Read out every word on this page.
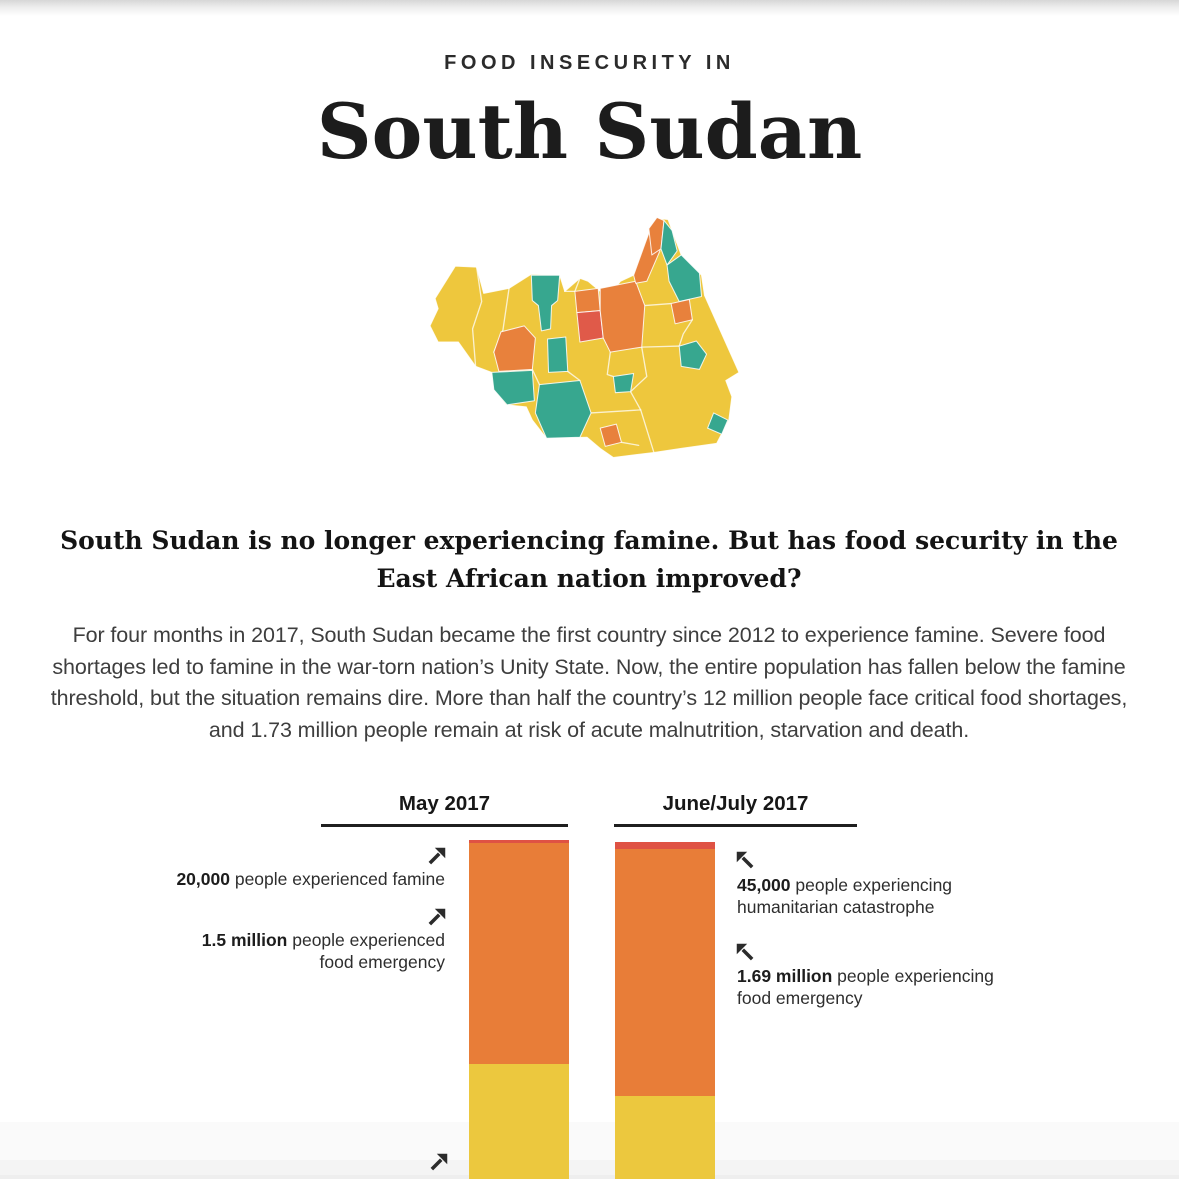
FOOD INSECURITY IN
South Sudan
South Sudan is no longer experiencing famine. But has food security in the East African nation improved?
For four months in 2017, South Sudan became the first country since 2012 to experience famine. Severe food shortages led to famine in the war-torn nation’s Unity State. Now, the entire population has fallen below the famine threshold, but the situation remains dire. More than half the country’s 12 million people face critical food shortages, and 1.73 million people remain at risk of acute malnutrition, starvation and death.
May 2017	June/July 2017
20,000 people experienced famine
1.5 million people experienced food emergency
45,000 people experiencing humanitarian catastrophe
1.69 million people experiencing food emergency
